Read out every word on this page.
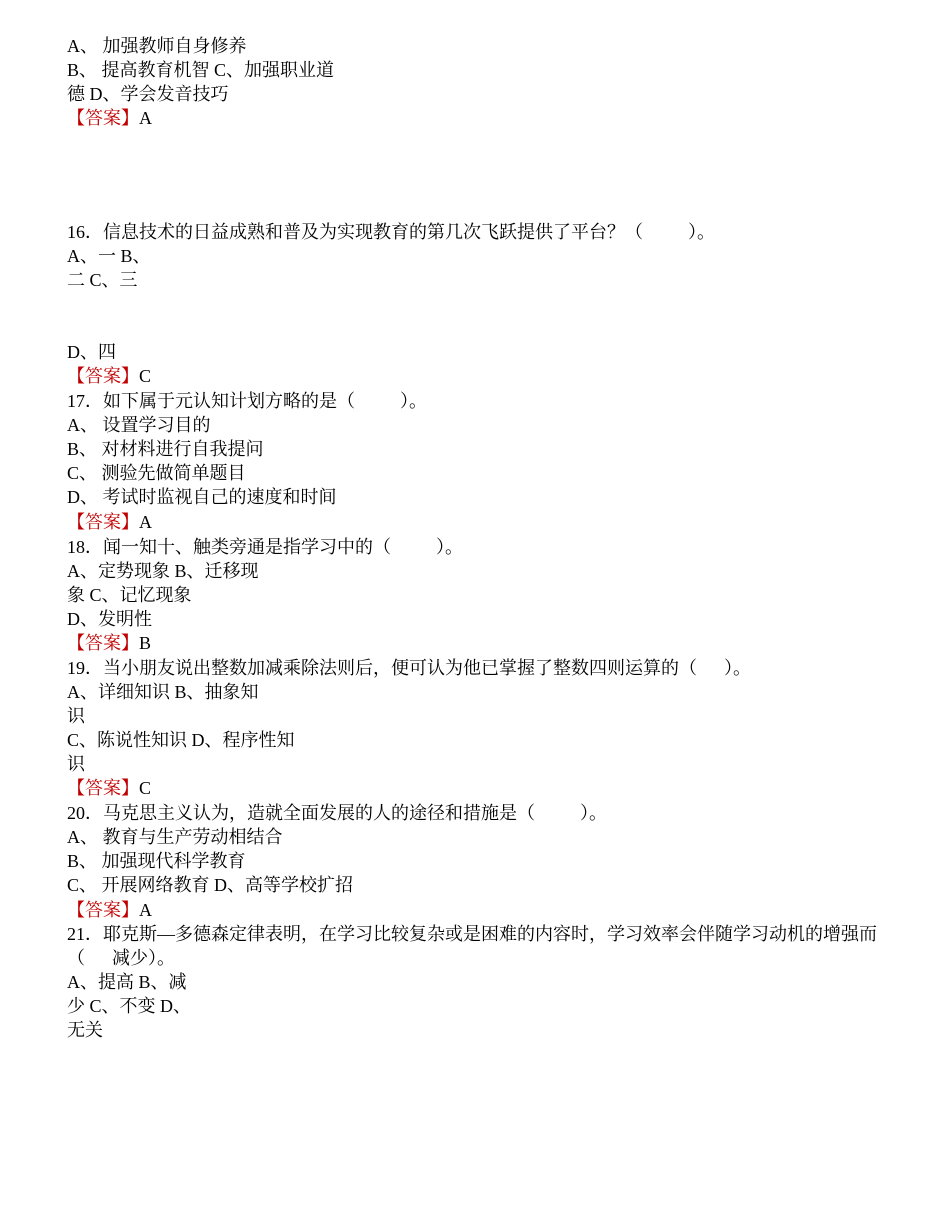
A、 加强教师自身修养
B、 提高教育机智 C、加强职业道
德 D、学会发音技巧
【答案】A
16．信息技术的日益成熟和普及为实现教育的第几次飞跃提供了平台？（          ）。
A、一 B、
二 C、三
D、四
【答案】C
17．如下属于元认知计划方略的是（          ）。
A、 设置学习目的
B、 对材料进行自我提问
C、 测验先做简单题目
D、 考试时监视自己的速度和时间
【答案】A
18．闻一知十、触类旁通是指学习中的（          ）。
A、定势现象 B、迁移现
象 C、记忆现象
D、发明性
【答案】B
19．当小朋友说出整数加减乘除法则后，便可认为他已掌握了整数四则运算的（      ）。
A、详细知识 B、抽象知
识
C、陈说性知识 D、程序性知
识
【答案】C
20．马克思主义认为，造就全面发展的人的途径和措施是（          ）。
A、 教育与生产劳动相结合
B、 加强现代科学教育
C、 开展网络教育 D、高等学校扩招
【答案】A
21．耶克斯—多德森定律表明，在学习比较复杂或是困难的内容时，学习效率会伴随学习动机的增强而
（      减少）。
A、提高 B、减
少 C、不变 D、
无关
